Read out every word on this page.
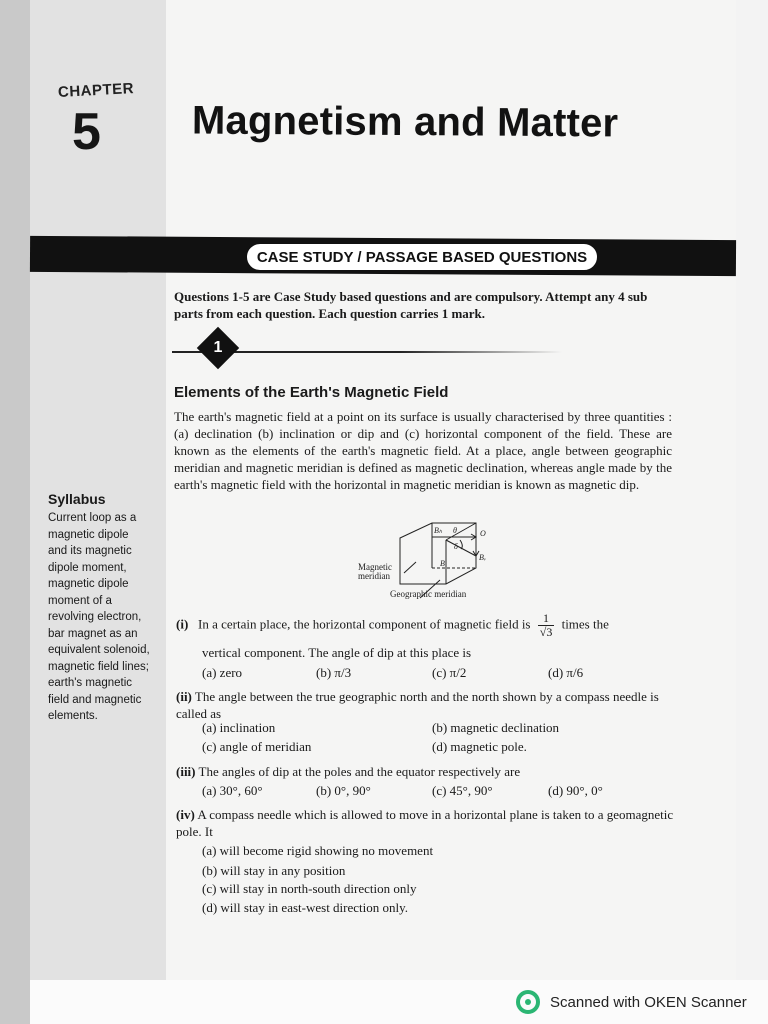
CHAPTER
5 Magnetism and Matter
CASE STUDY / PASSAGE BASED QUESTIONS
Questions 1-5 are Case Study based questions and are compulsory. Attempt any 4 sub parts from each question. Each question carries 1 mark.
1
Elements of the Earth's Magnetic Field
The earth's magnetic field at a point on its surface is usually characterised by three quantities : (a) declination (b) inclination or dip and (c) horizontal component of the field. These are known as the elements of the earth's magnetic field. At a place, angle between geographic meridian and magnetic meridian is defined as magnetic declination, whereas angle made by the earth's magnetic field with the horizontal in magnetic meridian is known as magnetic dip.
Syllabus
Current loop as a
magnetic dipole
and its magnetic
dipole moment,
magnetic dipole
moment of a
revolving electron,
bar magnet as an
equivalent solenoid,
magnetic field lines;
earth's magnetic
field and magnetic
elements.
Bₕ θ	O
δ
Bᵥ
B
Magnetic
meridian
Geographic meridian
(i) In a certain place, the horizontal component of magnetic field is $\frac{1}{√3}$ times the
vertical component. The angle of dip at this place is
(a) zero	(b) π/3	(c) π/2	(d) π/6
(ii) The angle between the true geographic north and the north shown by a compass needle is called as
(a) inclination	(b) magnetic declination
(c) angle of meridian	(d) magnetic pole.
(iii) The angles of dip at the poles and the equator respectively are
(a) 30°, 60°	(b) 0°, 90°	(c) 45°, 90°	(d) 90°, 0°
(iv) A compass needle which is allowed to move in a horizontal plane is taken to a geomagnetic pole. It
(a) will become rigid showing no movement
(b) will stay in any position
(c) will stay in north-south direction only
(d) will stay in east-west direction only.
Scanned with OKEN Scanner
